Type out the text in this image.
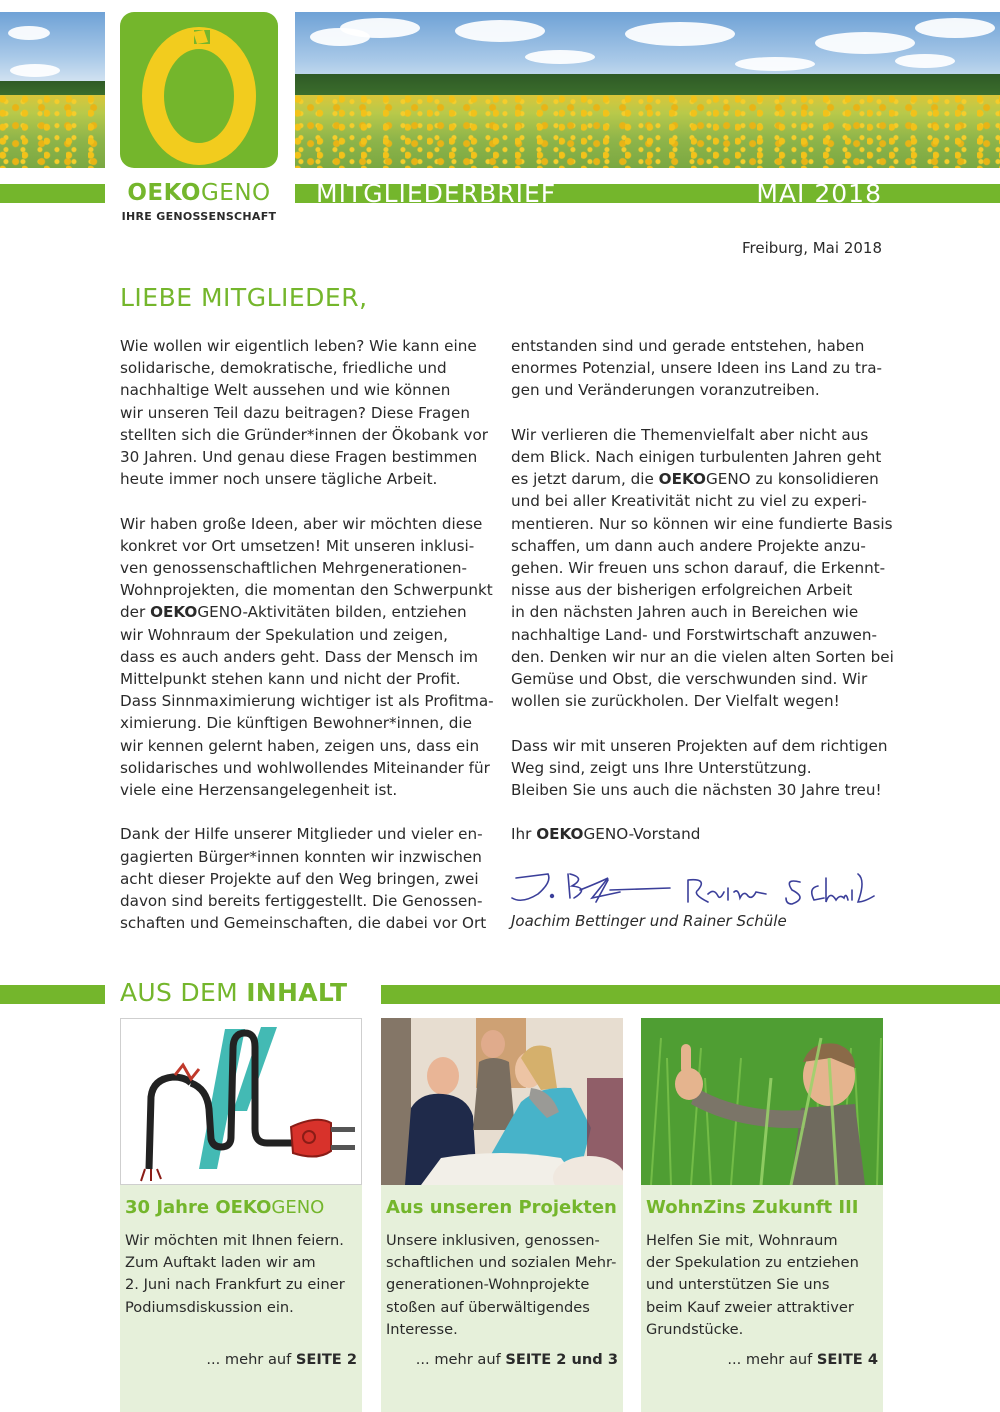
OEKOGENO
IHRE GENOSSENSCHAFT
MITGLIEDERBRIEF	MAI 2018
Freiburg, Mai 2018
LIEBE MITGLIEDER,

Wie wollen wir eigentlich leben? Wie kann eine
solidarische, demokratische, friedliche und
nachhaltige Welt aussehen und wie können
wir unseren Teil dazu beitragen? Diese Fragen
stellten sich die Gründer*innen der Ökobank vor
30 Jahren. Und genau diese Fragen bestimmen
heute immer noch unsere tägliche Arbeit.

Wir haben große Ideen, aber wir möchten diese
konkret vor Ort umsetzen! Mit unseren inklusi-
ven genossenschaftlichen Mehrgenerationen-
Wohnprojekten, die momentan den Schwerpunkt
der OEKOGENO-Aktivitäten bilden, entziehen
wir Wohnraum der Spekulation und zeigen,
dass es auch anders geht. Dass der Mensch im
Mittelpunkt stehen kann und nicht der Profit.
Dass Sinnmaximierung wichtiger ist als Profitma-
ximierung. Die künftigen Bewohner*innen, die
wir kennen gelernt haben, zeigen uns, dass ein
solidarisches und wohlwollendes Miteinander für
viele eine Herzensangelegenheit ist.

Dank der Hilfe unserer Mitglieder und vieler en-
gagierten Bürger*innen konnten wir inzwischen
acht dieser Projekte auf den Weg bringen, zwei
davon sind bereits fertiggestellt. Die Genossen-
schaften und Gemeinschaften, die dabei vor Ort

entstanden sind und gerade entstehen, haben
enormes Potenzial, unsere Ideen ins Land zu tra-
gen und Veränderungen voranzutreiben.

Wir verlieren die Themenvielfalt aber nicht aus
dem Blick. Nach einigen turbulenten Jahren geht
es jetzt darum, die OEKOGENO zu konsolidieren
und bei aller Kreativität nicht zu viel zu experi-
mentieren. Nur so können wir eine fundierte Basis
schaffen, um dann auch andere Projekte anzu-
gehen. Wir freuen uns schon darauf, die Erkennt-
nisse aus der bisherigen erfolgreichen Arbeit
in den nächsten Jahren auch in Bereichen wie
nachhaltige Land- und Forstwirtschaft anzuwen-
den. Denken wir nur an die vielen alten Sorten bei
Gemüse und Obst, die verschwunden sind. Wir
wollen sie zurückholen. Der Vielfalt wegen!

Dass wir mit unseren Projekten auf dem richtigen
Weg sind, zeigt uns Ihre Unterstützung.
Bleiben Sie uns auch die nächsten 30 Jahre treu!

Ihr OEKOGENO-Vorstand

Joachim Bettinger und Rainer Schüle
AUS DEM INHALT
30 Jahre OEKOGENO
Wir möchten mit Ihnen feiern.
Zum Auftakt laden wir am
2. Juni nach Frankfurt zu einer
Podiumsdiskussion ein.
... mehr auf SEITE 2
Aus unseren Projekten
Unsere inklusiven, genossen-
schaftlichen und sozialen Mehr-
generationen-Wohnprojekte
stoßen auf überwältigendes
Interesse.
... mehr auf SEITE 2 und 3
WohnZins Zukunft III
Helfen Sie mit, Wohnraum
der Spekulation zu entziehen
und unterstützen Sie uns
beim Kauf zweier attraktiver
Grundstücke.
... mehr auf SEITE 4
